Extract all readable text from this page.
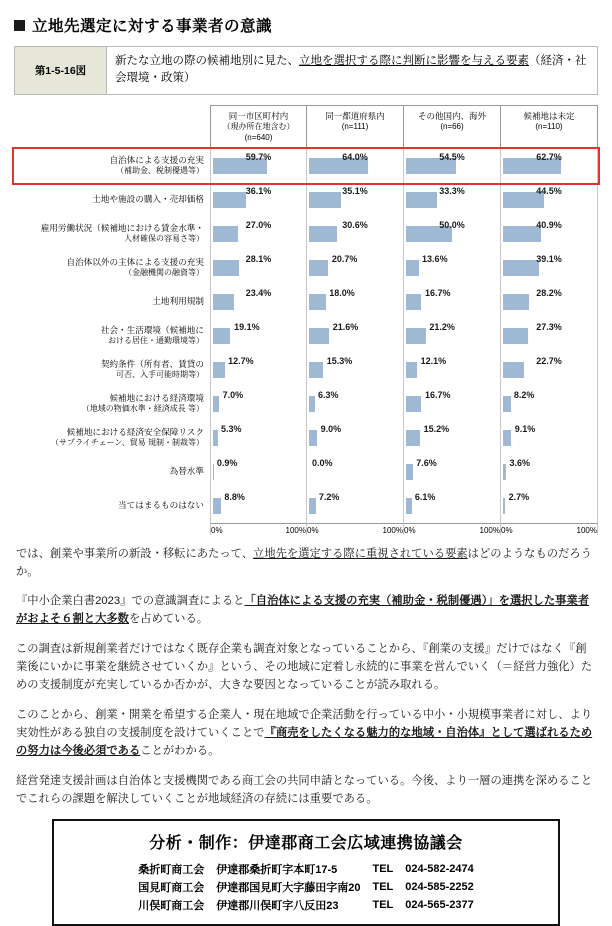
立地先選定に対する事業者の意識
第1-5-16図
新たな立地の際の候補地別に見た、立地を選択する際に判断に影響を与える要素（経済・社会環境・政策）
同一市区町村内
（現办所在地含む）
(n=640)
同一都道府県内
(n=111)
その他国内、海外
(n=66)
候補地は未定
(n=110)
自治体による支援の充実
（補助金、税制優遇等）
59.7%	64.0%	54.5%	62.7%
土地や施設の購入・売却価格
36.1%	35.1%	33.3%	44.5%
雇用労働状況（候補地における賃金水準・
人材確保の容易さ等）
27.0%	30.6%	50.0%	40.9%
自治体以外の主体による支援の充実
（金融機関の融資等）
28.1%	20.7%	13.6%	39.1%
土地利用規制
23.4%	18.0%	16.7%	28.2%
社会・生活環境（候補地に
おける居住・通勤環境等）
19.1%	21.6%	21.2%	27.3%
契約条件（所有者、賃貸の
可否、入手可能時期等）
12.7%	15.3%	12.1%	22.7%
候補地における経済環境
（地域の物価水準・経済成長 等）
7.0%	6.3%	16.7%	8.2%
候補地における経済安全保障リスク
（サプライチェーン、貿易 規制・制裁等）
5.3%	9.0%	15.2%	9.1%
為替水準
0.9%	0.0%	7.6%	3.6%
当てはまるものはない
8.8%	7.2%	6.1%	2.7%
0%	100% 0%	100% 0%	100% 0%	100%

では、創業や事業所の新設・移転にあたって、立地先を選定する際に重視されている要素はどのようなものだろうか。

『中小企業白書2023』での意識調査によると「自治体による支援の充実（補助金・税制優遇）」を選択した事業者がおよそ６割と大多数を占めている。

この調査は新規創業者だけではなく既存企業も調査対象となっていることから、『創業の支援』だけではなく『創業後にいかに事業を継続させていくか』という、その地域に定着し永続的に事業を営んでいく（＝経営力強化）ための支援制度が充実しているか否かが、大きな要因となっていることが読み取れる。

このことから、創業・開業を希望する企業人・現在地域で企業活動を行っている中小・小規模事業者に対し、より実効性がある独自の支援制度を設けていくことで『商売をしたくなる魅力的な地域・自治体』として選ばれるための努力は今後必須であることがわかる。

経営発達支援計画は自治体と支援機関である商工会の共同申請となっている。今後、より一層の連携を深めることでこれらの課題を解決していくことが地域経済の存続には重要である。

分析・制作：伊達郡商工会広域連携協議会
桑折町商工会	伊達郡桑折町字本町17-5	TEL	024-582-2474
国見町商工会	伊達郡国見町大字藤田字南20	TEL	024-585-2252
川俣町商工会	伊達郡川俣町字八反田23	TEL	024-565-2377
